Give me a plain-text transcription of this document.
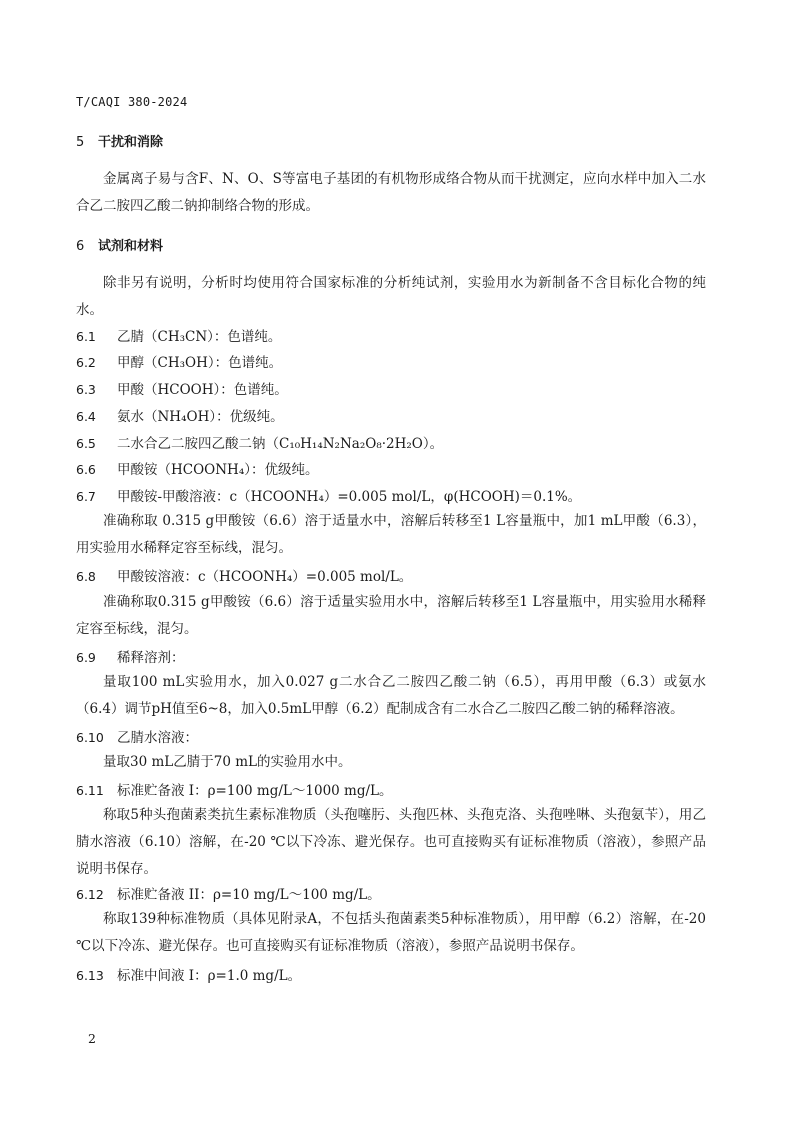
T/CAQI 380-2024
5 干扰和消除
金属离子易与含F、N、O、S等富电子基团的有机物形成络合物从而干扰测定，应向水样中加入二水合乙二胺四乙酸二钠抑制络合物的形成。
6 试剂和材料
除非另有说明，分析时均使用符合国家标准的分析纯试剂，实验用水为新制备不含目标化合物的纯水。
6.1 乙腈（CH₃CN）：色谱纯。
6.2 甲醇（CH₃OH）：色谱纯。
6.3 甲酸（HCOOH）：色谱纯。
6.4 氨水（NH₄OH）：优级纯。
6.5 二水合乙二胺四乙酸二钠（C₁₀H₁₄N₂Na₂O₈·2H₂O）。
6.6 甲酸铵（HCOONH₄）：优级纯。
6.7 甲酸铵-甲酸溶液：c（HCOONH₄）=0.005 mol/L，φ(HCOOH)＝0.1%。
准确称取 0.315 g甲酸铵（6.6）溶于适量水中，溶解后转移至1 L容量瓶中，加1 mL甲酸（6.3），用实验用水稀释定容至标线，混匀。
6.8 甲酸铵溶液：c（HCOONH₄）=0.005 mol/L。
准确称取0.315 g甲酸铵（6.6）溶于适量实验用水中，溶解后转移至1 L容量瓶中，用实验用水稀释定容至标线，混匀。
6.9 稀释溶剂：
量取100 mL实验用水，加入0.027 g二水合乙二胺四乙酸二钠（6.5），再用甲酸（6.3）或氨水（6.4）调节pH值至6~8，加入0.5mL甲醇（6.2）配制成含有二水合乙二胺四乙酸二钠的稀释溶液。
6.10 乙腈水溶液：
量取30 mL乙腈于70 mL的实验用水中。
6.11 标准贮备液 I：ρ=100 mg/L～1000 mg/L。
称取5种头孢菌素类抗生素标准物质（头孢噻肟、头孢匹林、头孢克洛、头孢唑啉、头孢氨苄），用乙腈水溶液（6.10）溶解，在-20 ℃以下冷冻、避光保存。也可直接购买有证标准物质（溶液），参照产品说明书保存。
6.12 标准贮备液 II：ρ=10 mg/L～100 mg/L。
称取139种标准物质（具体见附录A，不包括头孢菌素类5种标准物质），用甲醇（6.2）溶解，在-20 ℃以下冷冻、避光保存。也可直接购买有证标准物质（溶液），参照产品说明书保存。
6.13 标准中间液 I：ρ=1.0 mg/L。
2
